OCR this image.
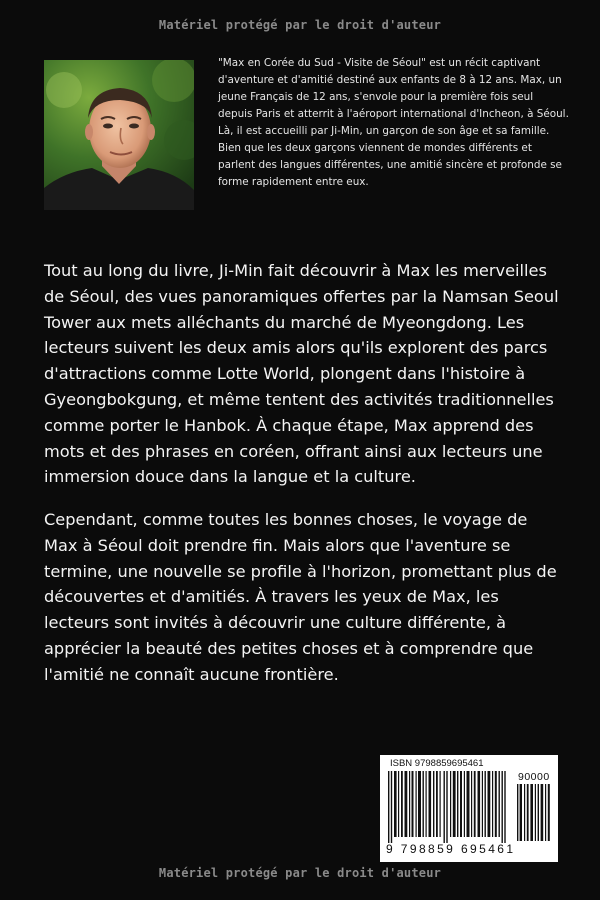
Matériel protégé par le droit d'auteur

"Max en Corée du Sud - Visite de Séoul" est un récit captivant d'aventure et d'amitié destiné aux enfants de 8 à 12 ans. Max, un jeune Français de 12 ans, s'envole pour la première fois seul depuis Paris et atterrit à l'aéroport international d'Incheon, à Séoul. Là, il est accueilli par Ji-Min, un garçon de son âge et sa famille. Bien que les deux garçons viennent de mondes différents et parlent des langues différentes, une amitié sincère et profonde se forme rapidement entre eux.

Tout au long du livre, Ji-Min fait découvrir à Max les merveilles de Séoul, des vues panoramiques offertes par la Namsan Seoul Tower aux mets alléchants du marché de Myeongdong. Les lecteurs suivent les deux amis alors qu'ils explorent des parcs d'attractions comme Lotte World, plongent dans l'histoire à Gyeongbokgung, et même tentent des activités traditionnelles comme porter le Hanbok. À chaque étape, Max apprend des mots et des phrases en coréen, offrant ainsi aux lecteurs une immersion douce dans la langue et la culture.

Cependant, comme toutes les bonnes choses, le voyage de Max à Séoul doit prendre fin. Mais alors que l'aventure se termine, une nouvelle se profile à l'horizon, promettant plus de découvertes et d'amitiés. À travers les yeux de Max, les lecteurs sont invités à découvrir une culture différente, à apprécier la beauté des petites choses et à comprendre que l'amitié ne connaît aucune frontière.

ISBN 9798859695461
90000
9 798859 695461
Matériel protégé par le droit d'auteur
